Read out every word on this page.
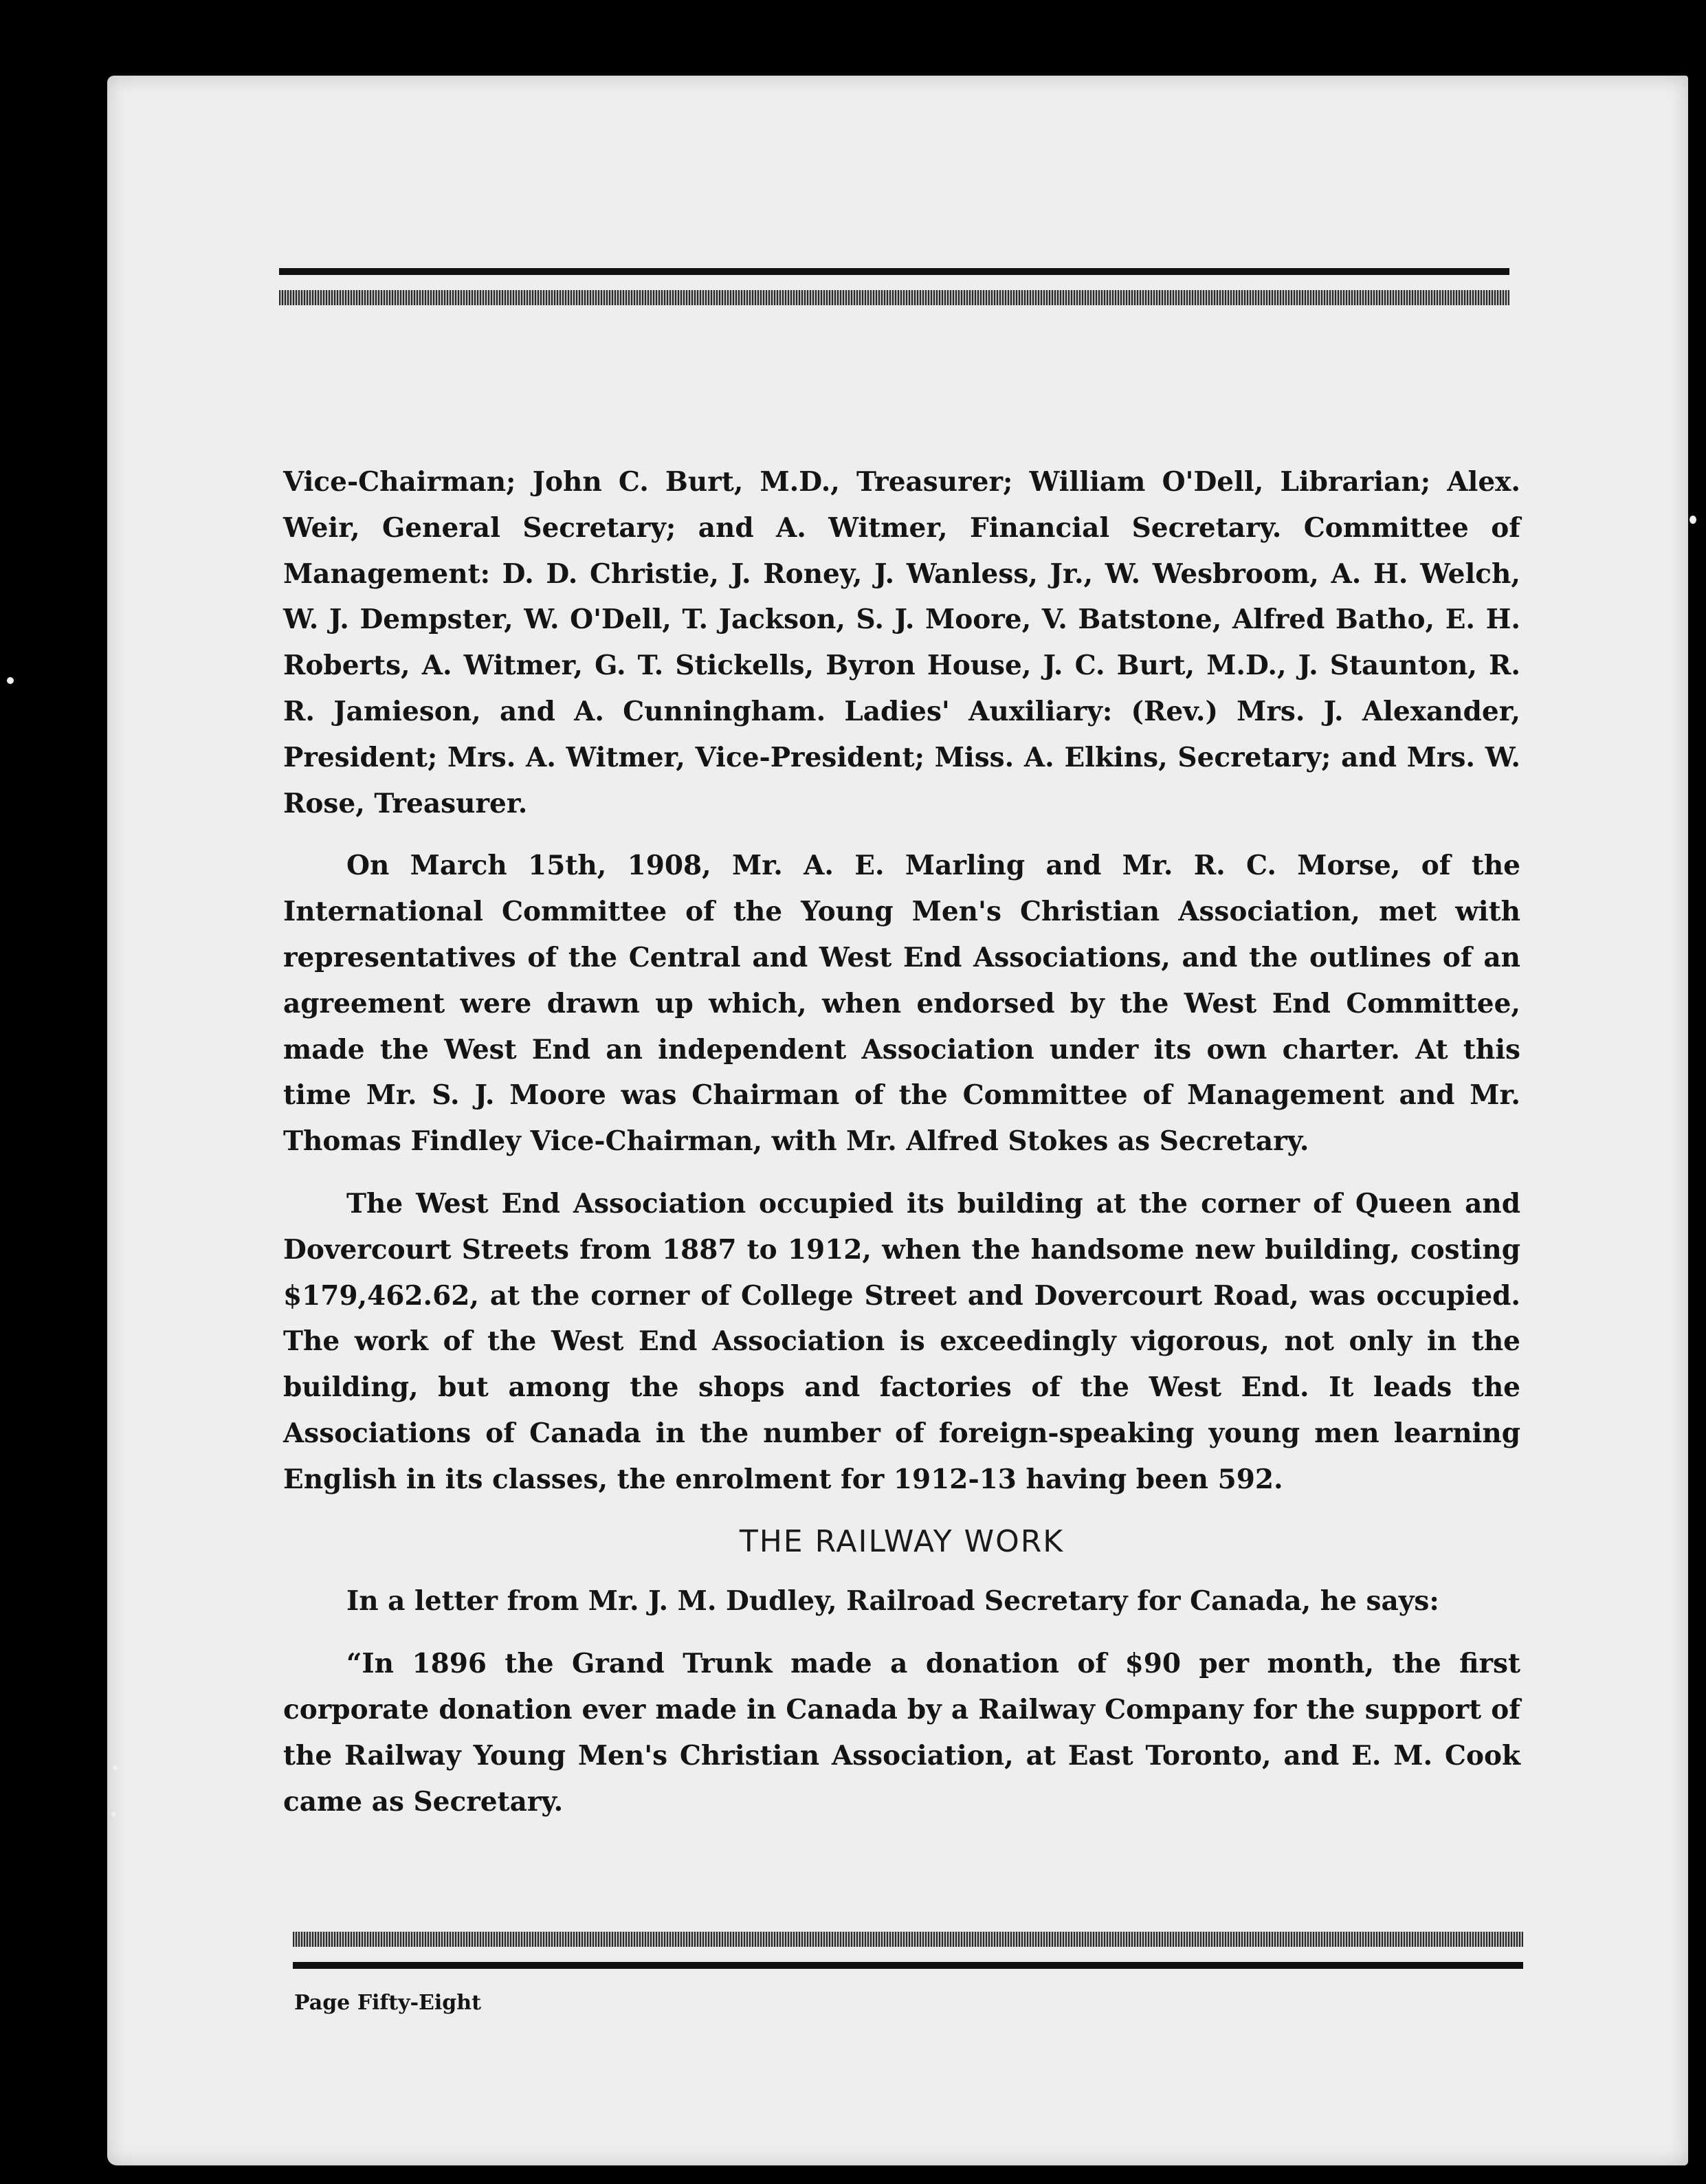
Vice-Chairman; John C. Burt, M.D., Treasurer; William O'Dell, Librarian; Alex. Weir, General Secretary; and A. Witmer, Financial Secretary. Committee of Management: D. D. Christie, J. Roney, J. Wanless, Jr., W. Wesbroom, A. H. Welch, W. J. Dempster, W. O'Dell, T. Jackson, S. J. Moore, V. Batstone, Alfred Batho, E. H. Roberts, A. Witmer, G. T. Stickells, Byron House, J. C. Burt, M.D., J. Staunton, R. R. Jamieson, and A. Cunningham. Ladies' Auxiliary: (Rev.) Mrs. J. Alexander, President; Mrs. A. Witmer, Vice-President; Miss. A. Elkins, Secretary; and Mrs. W. Rose, Treasurer.

On March 15th, 1908, Mr. A. E. Marling and Mr. R. C. Morse, of the International Committee of the Young Men's Christian Association, met with representatives of the Central and West End Associations, and the outlines of an agreement were drawn up which, when endorsed by the West End Committee, made the West End an independent Association under its own charter. At this time Mr. S. J. Moore was Chairman of the Committee of Management and Mr. Thomas Findley Vice-Chairman, with Mr. Alfred Stokes as Secretary.

The West End Association occupied its building at the corner of Queen and Dovercourt Streets from 1887 to 1912, when the handsome new building, costing $179,462.62, at the corner of College Street and Dovercourt Road, was occupied. The work of the West End Association is exceedingly vigorous, not only in the building, but among the shops and factories of the West End. It leads the Associations of Canada in the number of foreign-speaking young men learning English in its classes, the enrolment for 1912-13 having been 592.

THE RAILWAY WORK

In a letter from Mr. J. M. Dudley, Railroad Secretary for Canada, he says:

“In 1896 the Grand Trunk made a donation of $90 per month, the first corporate donation ever made in Canada by a Railway Company for the support of the Railway Young Men's Christian Association, at East Toronto, and E. M. Cook came as Secretary.

Page Fifty-Eight
